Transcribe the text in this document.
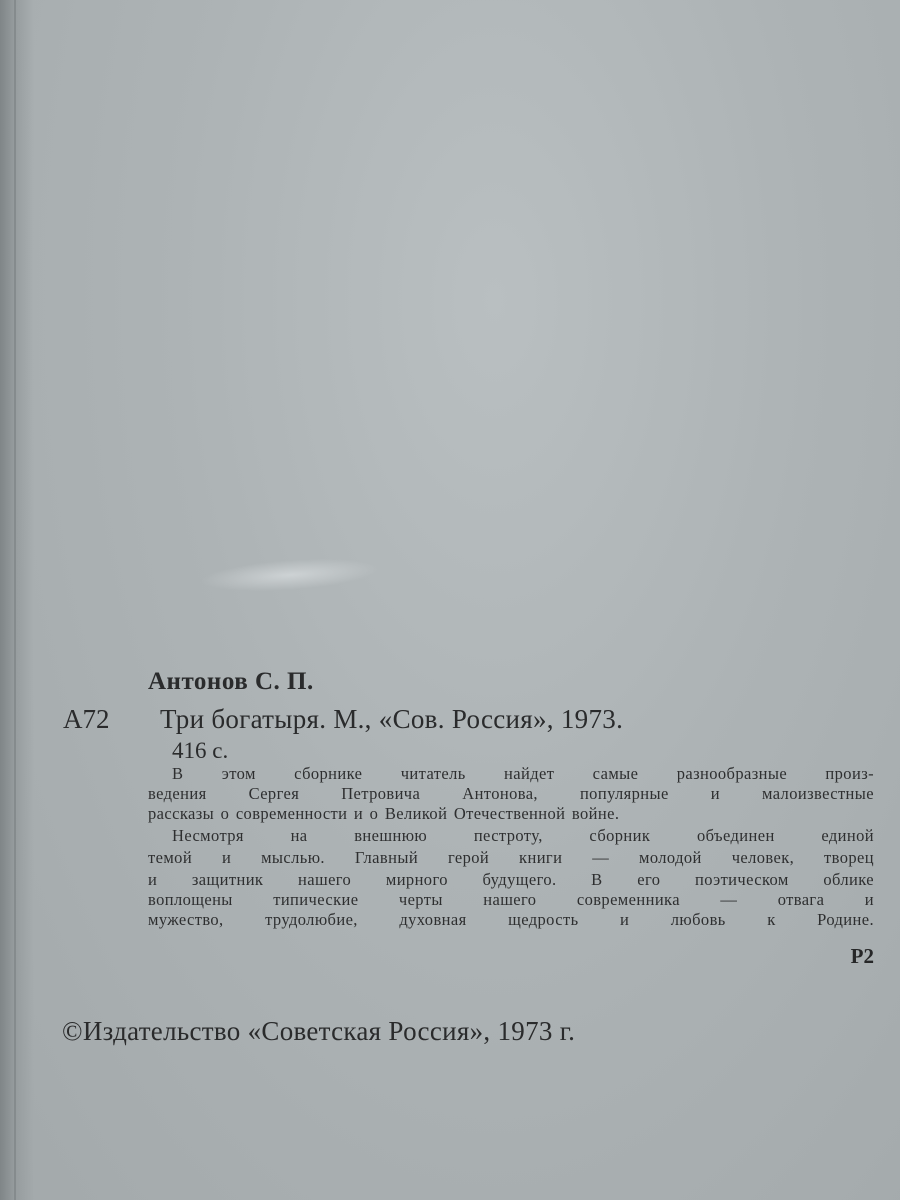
Антонов С. П.
А72 Три богатыря. М., «Сов. Россия», 1973.
416 с.
В этом сборнике читатель найдет самые разнообразные произ-
ведения Сергея Петровича Антонова, популярные и малоизвестные
рассказы о современности и о Великой Отечественной войне.
Несмотря на внешнюю пестроту, сборник объединен единой
темой и мыслью. Главный герой книги — молодой человек, творец
и защитник нашего мирного будущего. В его поэтическом облике
воплощены типические черты нашего современника — отвага и
мужество, трудолюбие, духовная щедрость и любовь к Родине.
Р2
©Издательство «Советская Россия», 1973 г.
